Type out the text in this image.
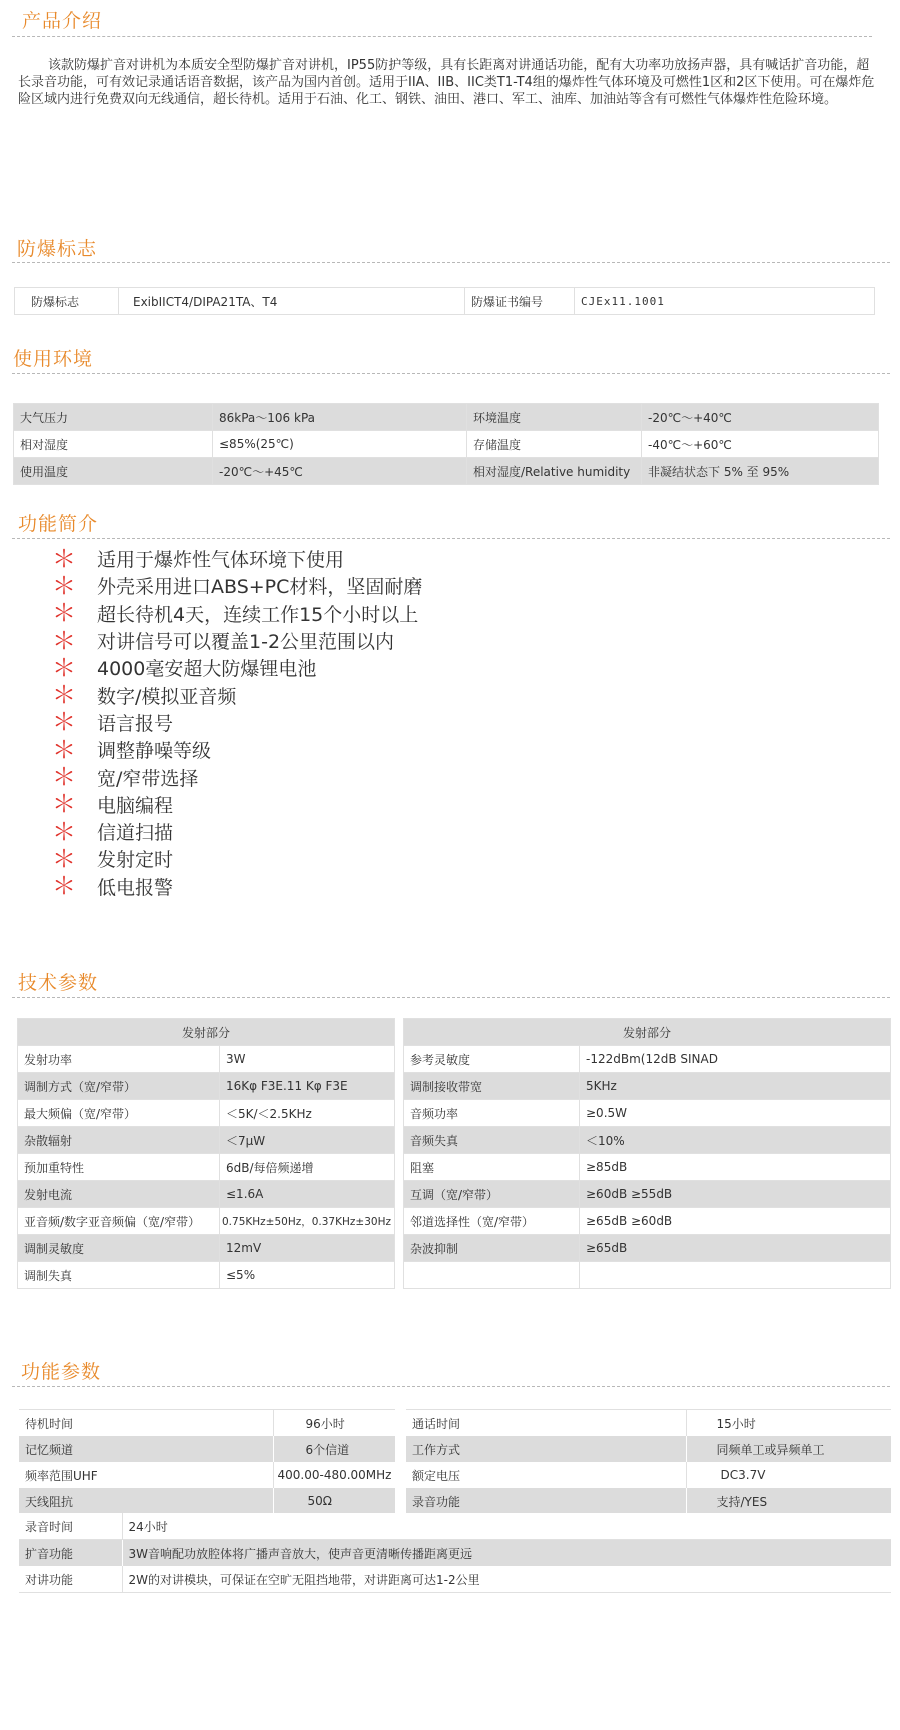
产品介绍
该款防爆扩音对讲机为本质安全型防爆扩音对讲机，IP55防护等级，具有长距离对讲通话功能，配有大功率功放扬声器，具有喊话扩音功能，超长录音功能，可有效记录通话语音数据，该产品为国内首创。适用于IIA、IIB、IIC类T1-T4组的爆炸性气体环境及可燃性1区和2区下使用。可在爆炸危险区域内进行免费双向无线通信，超长待机。适用于石油、化工、钢铁、油田、港口、军工、油库、加油站等含有可燃性气体爆炸性危险环境。
防爆标志
防爆标志	ExibIICT4/DIPA21TA、T4	防爆证书编号	CJEx11.1001
使用环境
大气压力	86kPa～106 kPa	环境温度	-20℃～+40℃
相对湿度	≤85%(25℃)	存储温度	-40℃～+60℃
使用温度	-20℃～+45℃	相对湿度/Relative humidity	非凝结状态下 5% 至 95%
功能简介
＊	适用于爆炸性气体环境下使用
＊	外壳采用进口ABS+PC材料，坚固耐磨
＊	超长待机4天，连续工作15个小时以上
＊	对讲信号可以覆盖1-2公里范围以内
＊	4000毫安超大防爆锂电池
＊	数字/模拟亚音频
＊	语言报号
＊	调整静噪等级
＊	宽/窄带选择
＊	电脑编程
＊	信道扫描
＊	发射定时
＊	低电报警
技术参数
发射部分	
发射功率	3W
调制方式（宽/窄带）	16Kφ F3E.11 Kφ F3E
最大频偏（宽/窄带）	＜5K/＜2.5KHz
杂散辐射	＜7μW
预加重特性	6dB/每倍频递增
发射电流	≤1.6A
亚音频/数字亚音频偏（宽/窄带）	0.75KHz±50Hz，0.37KHz±30Hz
调制灵敏度	12mV
调制失真	≤5%
发射部分	
参考灵敏度	-122dBm(12dB SINAD
调制接收带宽	5KHz
音频功率	≥0.5W
音频失真	＜10%
阻塞	≥85dB
互调（宽/窄带）	≥60dB ≥55dB
邻道选择性（宽/窄带）	≥65dB ≥60dB
杂波抑制	≥65dB

功能参数
待机时间	96小时		通话时间	15小时
记忆频道	6个信道		工作方式	同频单工或异频单工
频率范围UHF	400.00-480.00MHz		额定电压	DC3.7V
天线阻抗	50Ω		录音功能	支持/YES
录音时间	24小时
扩音功能	3W音响配功放腔体将广播声音放大，使声音更清晰传播距离更远
对讲功能	2W的对讲模块，可保证在空旷无阻挡地带，对讲距离可达1-2公里
